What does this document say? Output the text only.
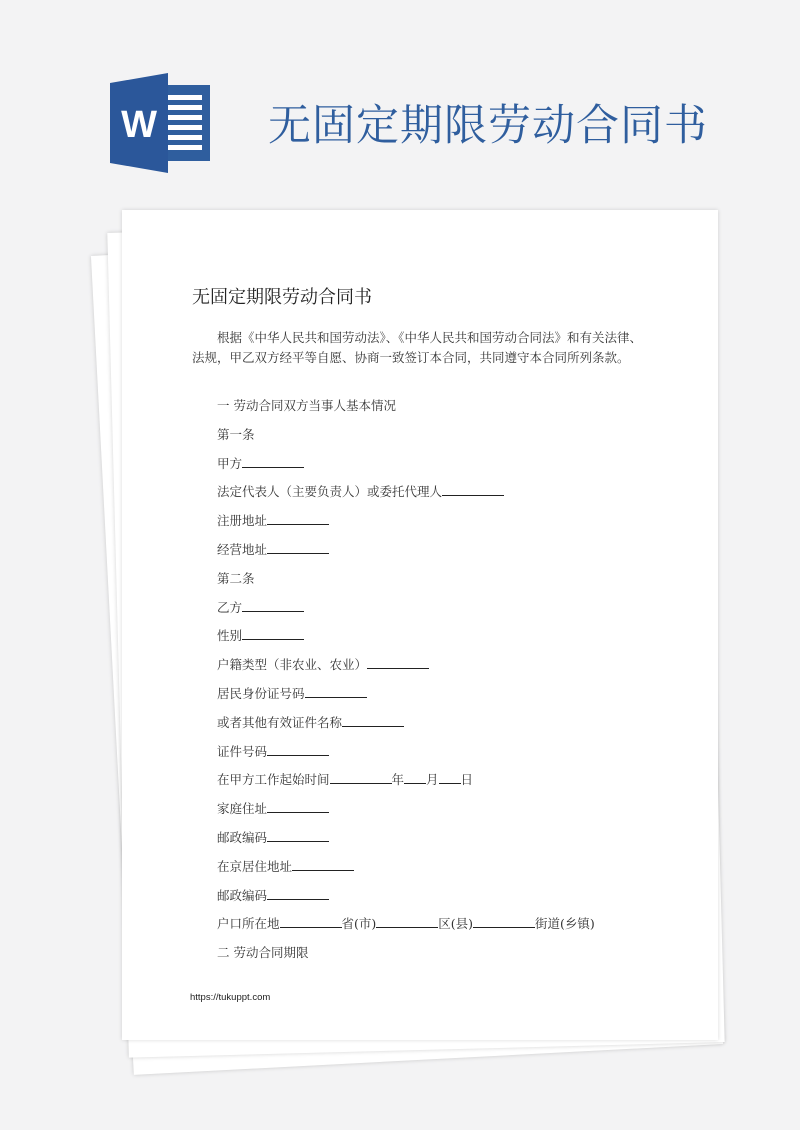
W	无固定期限劳动合同书
无固定期限劳动合同书
根据《中华人民共和国劳动法》、《中华人民共和国劳动合同法》和有关法律、法规，甲乙双方经平等自愿、协商一致签订本合同，共同遵守本合同所列条款。
一 劳动合同双方当事人基本情况
第一条
甲方
法定代表人（主要负责人）或委托代理人
注册地址
经营地址
第二条
乙方
性别
户籍类型（非农业、农业）
居民身份证号码
或者其他有效证件名称
证件号码
在甲方工作起始时间	年 月 日
家庭住址
邮政编码
在京居住地址
邮政编码
户口所在地	省(市)	区(县)	街道(乡镇)
二 劳动合同期限
https://tukuppt.com
